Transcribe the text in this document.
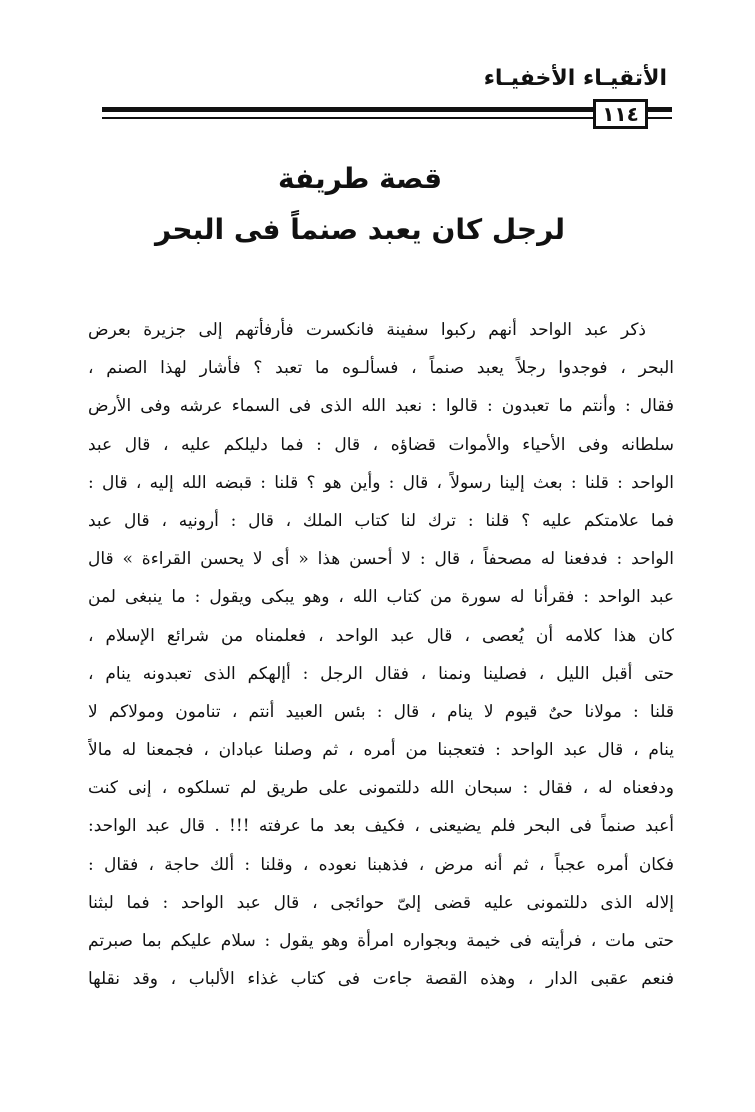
الأتقيـاء الأخفيـاء
١١٤
قصة طريفة
لرجل كان يعبد صنماً فى البحر
ذكر عبد الواحد أنهم ركبوا سفينة فانكسرت فأرفأتهم إلى جزيرة بعرض
البحر ، فوجدوا رجلاً يعبد صنماً ، فسألـوه ما تعبد ؟ فأشار لهذا الصنم ،
فقال : وأنتم ما تعبدون : قالوا : نعبد الله الذى فى السماء عرشه وفى الأرض
سلطانه وفى الأحياء والأموات قضاؤه ، قال : فما دليلكم عليه ، قال عبد
الواحد : قلنا : بعث إلينا رسولاً ، قال : وأين هو ؟ قلنا : قبضه الله إليه ، قال :
فما علامتكم عليه ؟ قلنا : ترك لنا كتاب الملك ، قال : أرونيه ، قال عبد
الواحد : فدفعنا له مصحفاً ، قال : لا أحسن هذا « أى لا يحسن القراءة » قال
عبد الواحد : فقرأنا له سورة من كتاب الله ، وهو يبكى ويقول : ما ينبغى لمن
كان هذا كلامه أن يُعصى ، قال عبد الواحد ، فعلمناه من شرائع الإسلام ،
حتى أقبل الليل ، فصلينا ونمنا ، فقال الرجل : أإلهكم الذى تعبدونه ينام ،
قلنا : مولانا حىٌ قيوم لا ينام ، قال : بئس العبيد أنتم ، تنامون ومولاكم لا
ينام ، قال عبد الواحد : فتعجبنا من أمره ، ثم وصلنا عبادان ، فجمعنا له مالاً
ودفعناه له ، فقال : سبحان الله دللتمونى على طريق لم تسلكوه ، إنى كنت
أعبد صنماً فى البحر فلم يضيعنى ، فكيف بعد ما عرفته !!! . قال عبد الواحد:
فكان أمره عجباً ، ثم أنه مرض ، فذهبنا نعوده ، وقلنا : ألك حاجة ، فقال :
إلاله الذى دللتمونى عليه قضى إلىّ حوائجى ، قال عبد الواحد : فما لبثنا
حتى مات ، فرأيته فى خيمة وبجواره امرأة وهو يقول : سلام عليكم بما صبرتم
فنعم عقبى الدار ، وهذه القصة جاءت فى كتاب غذاء الألباب ، وقد نقلها
